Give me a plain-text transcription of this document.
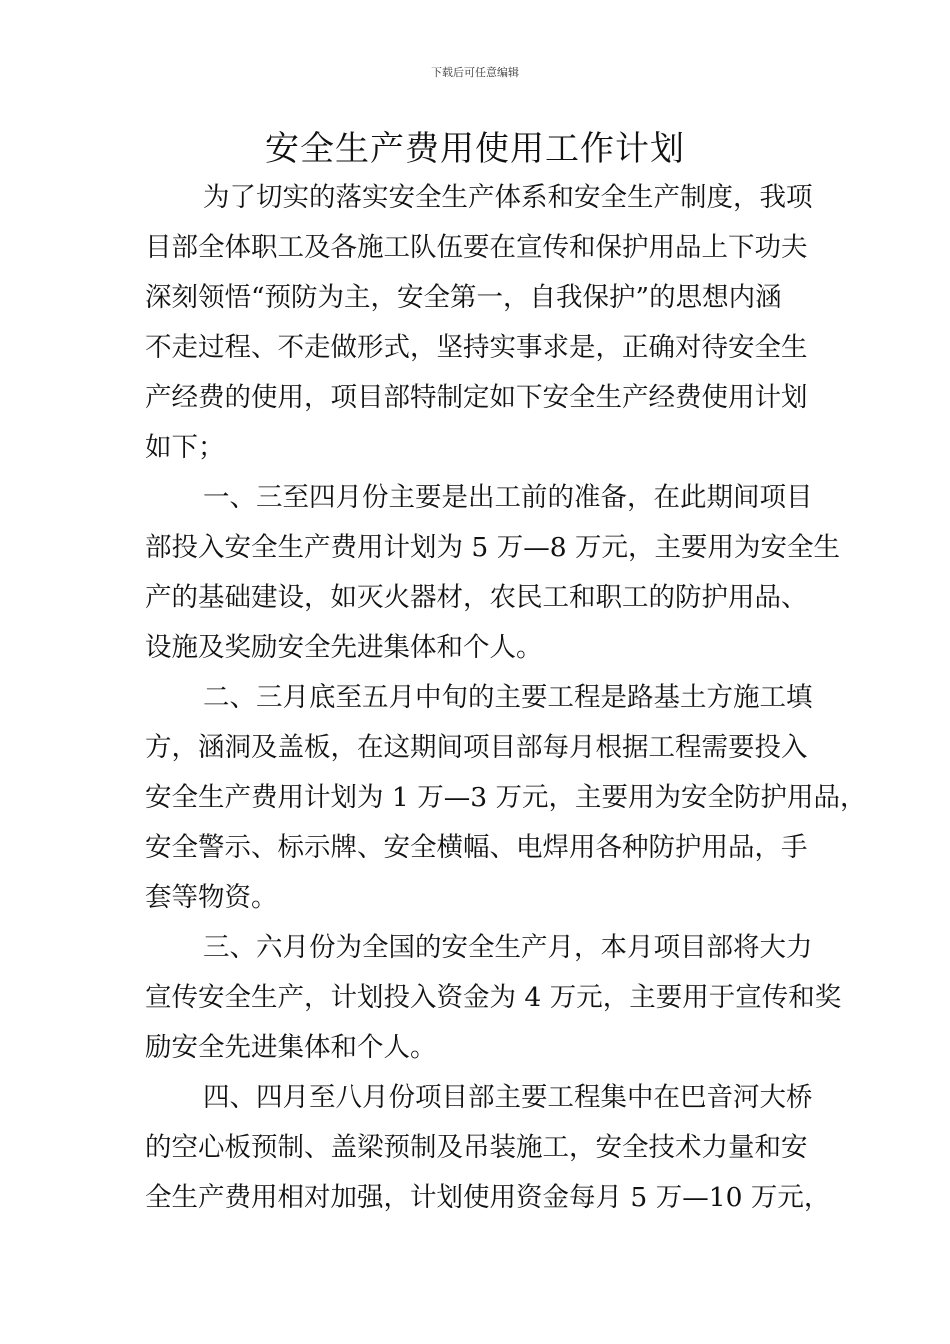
下载后可任意编辑
安全生产费用使用工作计划
为了切实的落实安全生产体系和安全生产制度，我项
目部全体职工及各施工队伍要在宣传和保护用品上下功夫
深刻领悟“预防为主，安全第一，自我保护”的思想内涵
不走过程、不走做形式，坚持实事求是，正确对待安全生
产经费的使用，项目部特制定如下安全生产经费使用计划
如下；
一、三至四月份主要是出工前的准备，在此期间项目
部投入安全生产费用计划为 5 万—8 万元，主要用为安全生
产的基础建设，如灭火器材，农民工和职工的防护用品、
设施及奖励安全先进集体和个人。
二、三月底至五月中旬的主要工程是路基土方施工填
方，涵洞及盖板，在这期间项目部每月根据工程需要投入
安全生产费用计划为 1 万—3 万元，主要用为安全防护用品，
安全警示、标示牌、安全横幅、电焊用各种防护用品，手
套等物资。
三、六月份为全国的安全生产月，本月项目部将大力
宣传安全生产，计划投入资金为 4 万元，主要用于宣传和奖
励安全先进集体和个人。
四、四月至八月份项目部主要工程集中在巴音河大桥
的空心板预制、盖梁预制及吊装施工，安全技术力量和安
全生产费用相对加强，计划使用资金每月 5 万—10 万元，
